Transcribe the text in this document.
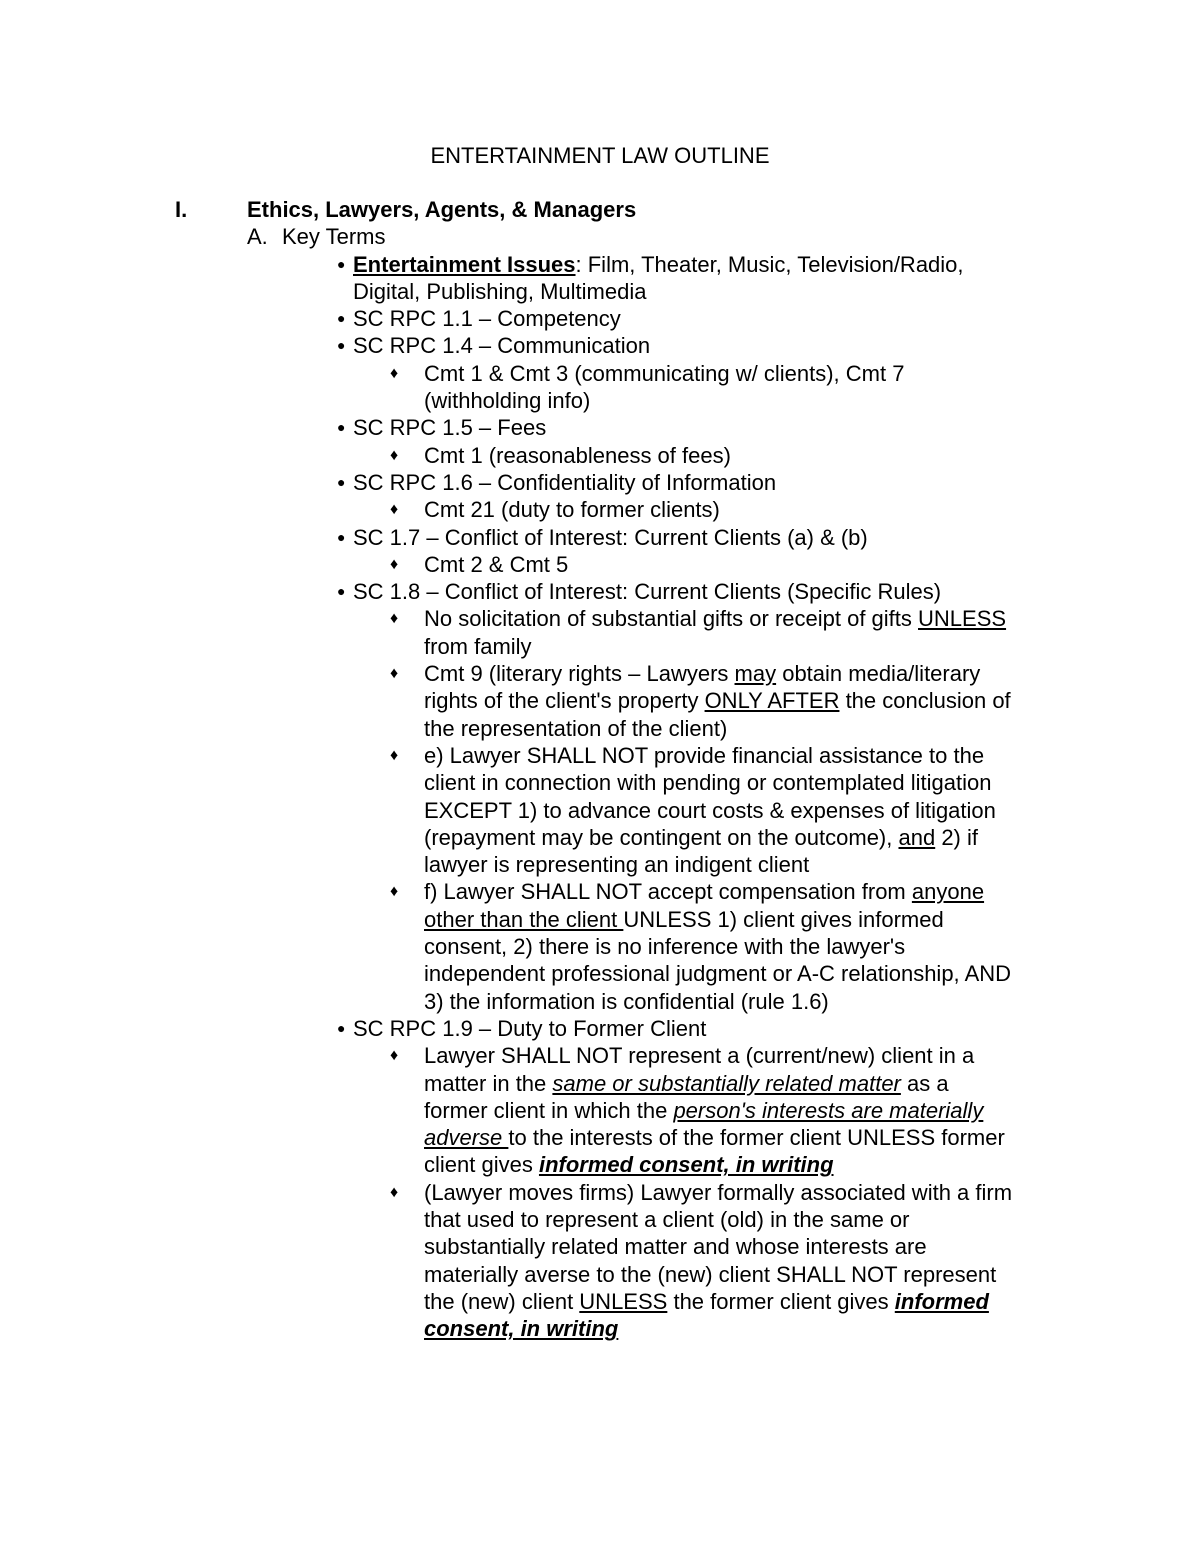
ENTERTAINMENT LAW OUTLINE
I.	Ethics, Lawyers, Agents, & Managers
A. Key Terms
● Entertainment Issues: Film, Theater, Music, Television/Radio,
Digital, Publishing, Multimedia
● SC RPC 1.1 – Competency
● SC RPC 1.4 – Communication
♦ Cmt 1 & Cmt 3 (communicating w/ clients), Cmt 7
(withholding info)
● SC RPC 1.5 – Fees
♦ Cmt 1 (reasonableness of fees)
● SC RPC 1.6 – Confidentiality of Information
♦ Cmt 21 (duty to former clients)
● SC 1.7 – Conflict of Interest: Current Clients (a) & (b)
♦ Cmt 2 & Cmt 5
● SC 1.8 – Conflict of Interest: Current Clients (Specific Rules)
♦ No solicitation of substantial gifts or receipt of gifts UNLESS
from family
♦ Cmt 9 (literary rights – Lawyers may obtain media/literary
rights of the client's property ONLY AFTER the conclusion of
the representation of the client)
♦ e) Lawyer SHALL NOT provide financial assistance to the
client in connection with pending or contemplated litigation
EXCEPT 1) to advance court costs & expenses of litigation
(repayment may be contingent on the outcome), and 2) if
lawyer is representing an indigent client
♦ f) Lawyer SHALL NOT accept compensation from anyone
other than the client UNLESS 1) client gives informed
consent, 2) there is no inference with the lawyer's
independent professional judgment or A-C relationship, AND
3) the information is confidential (rule 1.6)
● SC RPC 1.9 – Duty to Former Client
♦ Lawyer SHALL NOT represent a (current/new) client in a
matter in the same or substantially related matter as a
former client in which the person's interests are materially
adverse to the interests of the former client UNLESS former
client gives informed consent, in writing
♦ (Lawyer moves firms) Lawyer formally associated with a firm
that used to represent a client (old) in the same or
substantially related matter and whose interests are
materially averse to the (new) client SHALL NOT represent
the (new) client UNLESS the former client gives informed
consent, in writing
